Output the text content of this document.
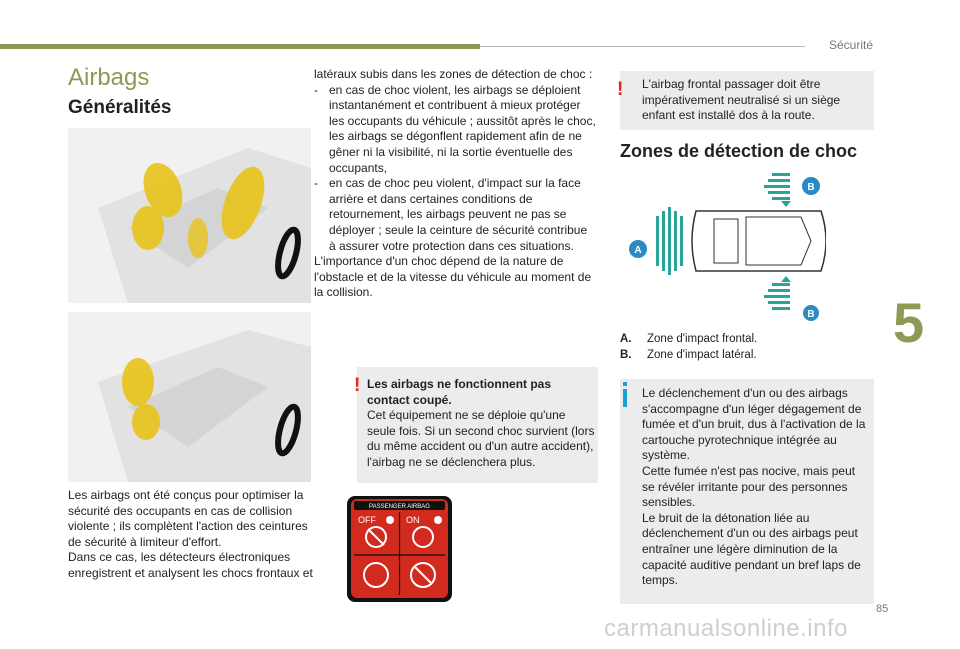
Sécurité
5
85
carmanualsonline.info
Airbags
Généralités
Les airbags ont été conçus pour optimiser la sécurité des occupants en cas de collision violente ; ils complètent l'action des ceintures de sécurité à limiteur d'effort.
Dans ce cas, les détecteurs électroniques enregistrent et analysent les chocs frontaux et
latéraux subis dans les zones de détection de choc :
- en cas de choc violent, les airbags se déploient instantanément et contribuent à mieux protéger les occupants du véhicule ; aussitôt après le choc, les airbags se dégonflent rapidement afin de ne gêner ni la visibilité, ni la sortie éventuelle des occupants,
- en cas de choc peu violent, d'impact sur la face arrière et dans certaines conditions de retournement, les airbags peuvent ne pas se déployer ; seule la ceinture de sécurité contribue à assurer votre protection dans ces situations.
L'importance d'un choc dépend de la nature de l'obstacle et de la vitesse du véhicule au moment de la collision.
! Les airbags ne fonctionnent pas contact coupé.
Cet équipement ne se déploie qu'une seule fois. Si un second choc survient (lors du même accident ou d'un autre accident), l'airbag ne se déclenchera plus.
PASSENGER AIRBAG
OFF	ON
! L'airbag frontal passager doit être impérativement neutralisé si un siège enfant est installé dos à la route.
Zones de détection de choc
B
B
A
A. Zone d'impact frontal.
B. Zone d'impact latéral.
Le déclenchement d'un ou des airbags s'accompagne d'un léger dégagement de fumée et d'un bruit, dus à l'activation de la cartouche pyrotechnique intégrée au système.
Cette fumée n'est pas nocive, mais peut se révéler irritante pour des personnes sensibles.
Le bruit de la détonation liée au déclenchement d'un ou des airbags peut entraîner une légère diminution de la capacité auditive pendant un bref laps de temps.
